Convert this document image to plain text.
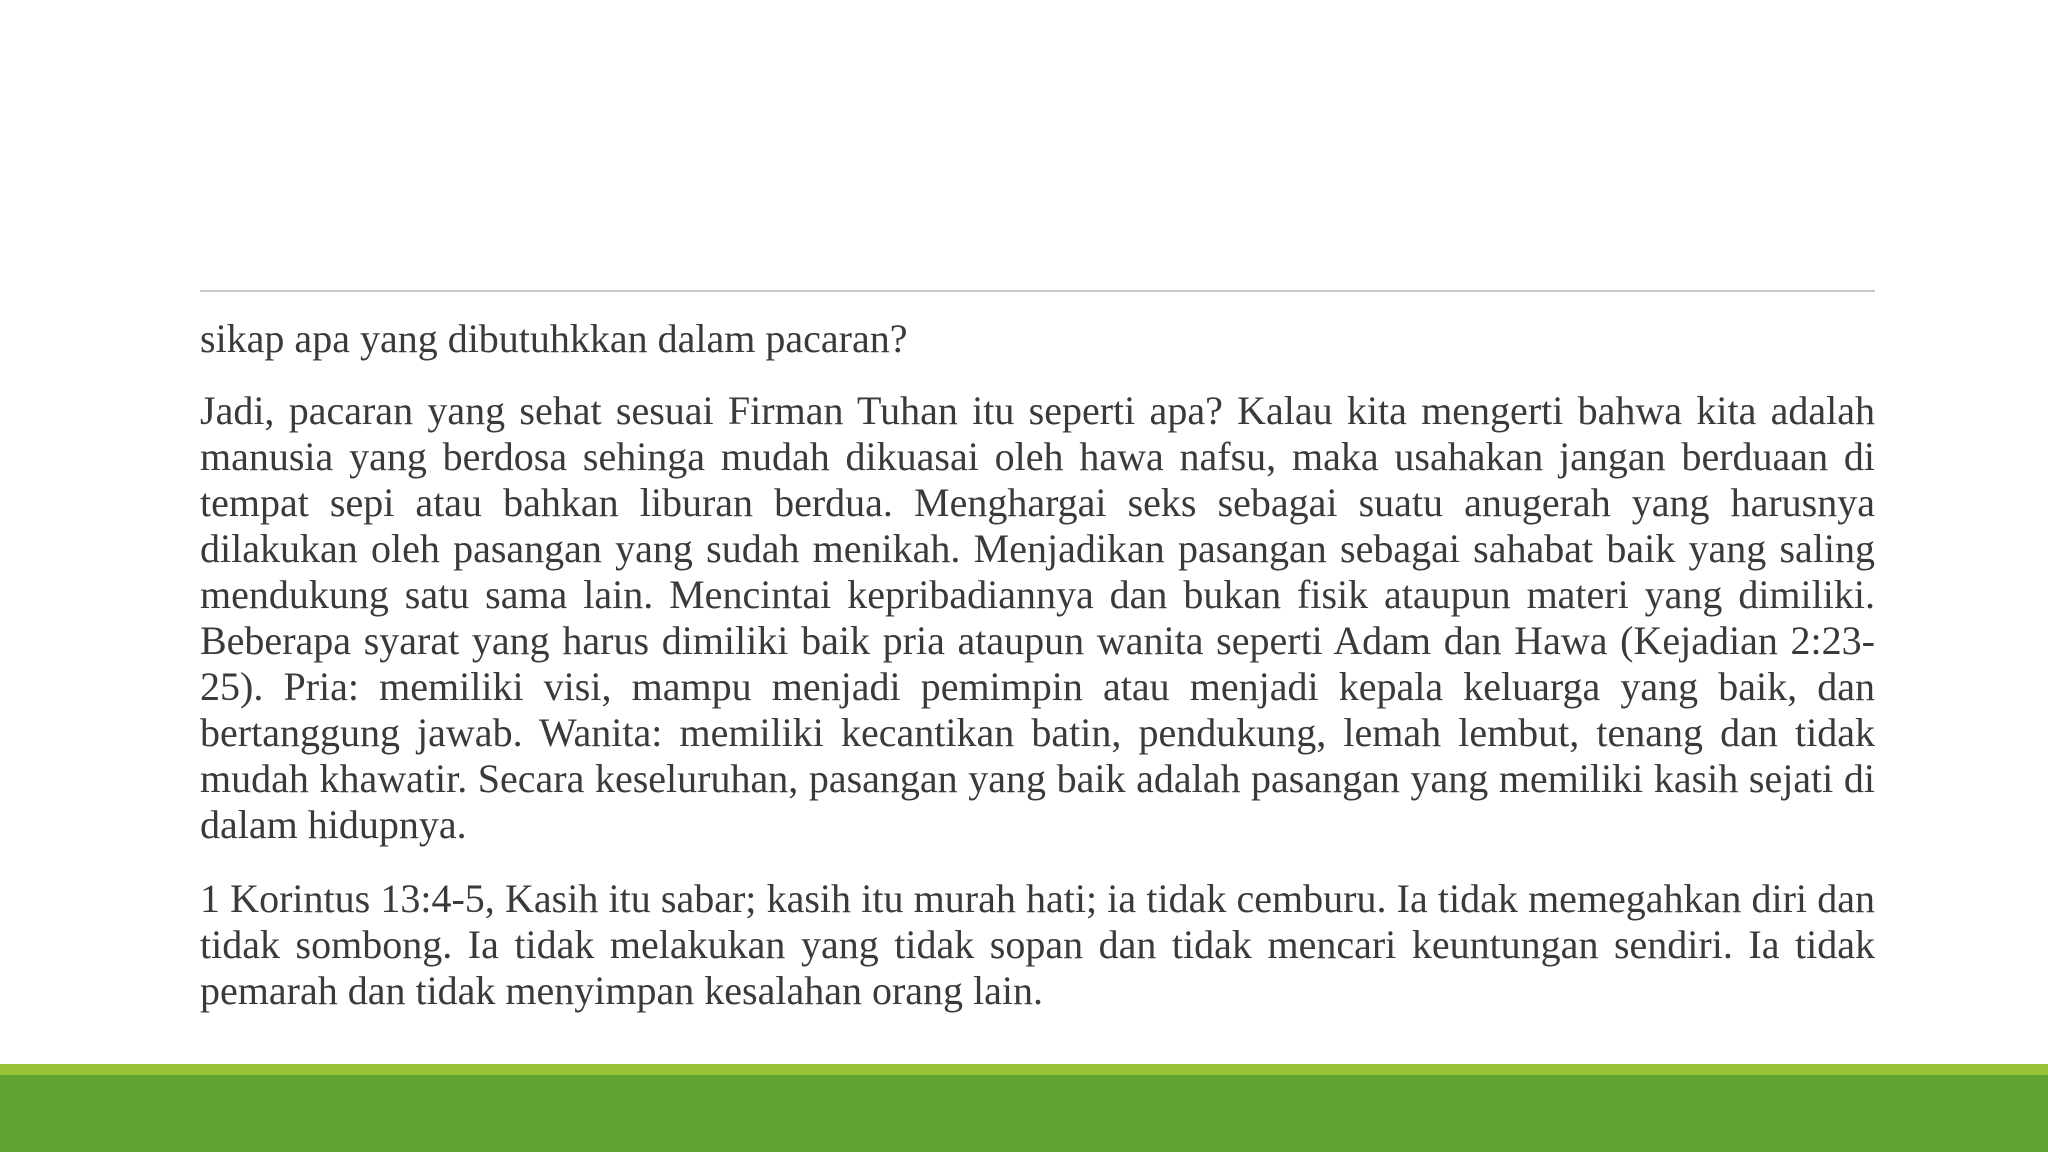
sikap apa yang dibutuhkkan dalam pacaran?

Jadi, pacaran yang sehat sesuai Firman Tuhan itu seperti apa? Kalau kita mengerti bahwa kita adalah manusia yang berdosa sehinga mudah dikuasai oleh hawa nafsu, maka usahakan jangan berduaan di tempat sepi atau bahkan liburan berdua. Menghargai seks sebagai suatu anugerah yang harusnya dilakukan oleh pasangan yang sudah menikah. Menjadikan pasangan sebagai sahabat baik yang saling mendukung satu sama lain. Mencintai kepribadiannya dan bukan fisik ataupun materi yang dimiliki. Beberapa syarat yang harus dimiliki baik pria ataupun wanita seperti Adam dan Hawa (Kejadian 2:23-25). Pria: memiliki visi, mampu menjadi pemimpin atau menjadi kepala keluarga yang baik, dan bertanggung jawab. Wanita: memiliki kecantikan batin, pendukung, lemah lembut, tenang dan tidak mudah khawatir. Secara keseluruhan, pasangan yang baik adalah pasangan yang memiliki kasih sejati di dalam hidupnya.

1 Korintus 13:4-5, Kasih itu sabar; kasih itu murah hati; ia tidak cemburu. Ia tidak memegahkan diri dan tidak sombong. Ia tidak melakukan yang tidak sopan dan tidak mencari keuntungan sendiri. Ia tidak pemarah dan tidak menyimpan kesalahan orang lain.
